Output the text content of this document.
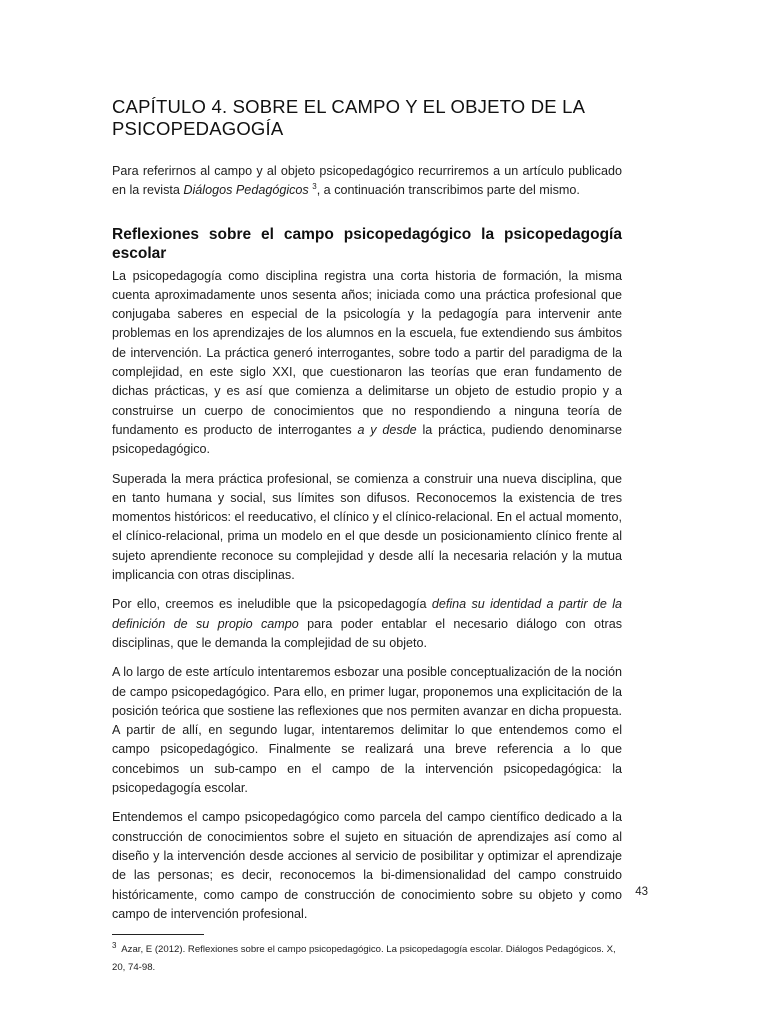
CAPÍTULO 4. SOBRE EL CAMPO Y EL OBJETO DE LA
PSICOPEDAGOGÍA

Para referirnos al campo y al objeto psicopedagógico recurriremos a un artículo publicado en la revista Diálogos Pedagógicos $^3$, a continuación transcribimos parte del mismo.

Reflexiones sobre el campo psicopedagógico la psicopedagogía escolar

La psicopedagogía como disciplina registra una corta historia de formación, la misma cuenta aproximadamente unos sesenta años; iniciada como una práctica profesional que conjugaba saberes en especial de la psicología y la pedagogía para intervenir ante problemas en los aprendizajes de los alumnos en la escuela, fue extendiendo sus ámbitos de intervención. La práctica generó interrogantes, sobre todo a partir del paradigma de la complejidad, en este siglo XXI, que cuestionaron las teorías que eran fundamento de dichas prácticas, y es así que comienza a delimitarse un objeto de estudio propio y a construirse un cuerpo de conocimientos que no respondiendo a ninguna teoría de fundamento es producto de interrogantes a y desde la práctica, pudiendo denominarse psicopedagógico.

Superada la mera práctica profesional, se comienza a construir una nueva disciplina, que en tanto humana y social, sus límites son difusos. Reconocemos la existencia de tres momentos históricos: el reeducativo, el clínico y el clínico-relacional. En el actual momento, el clínico-relacional, prima un modelo en el que desde un posicionamiento clínico frente al sujeto aprendiente reconoce su complejidad y desde allí la necesaria relación y la mutua implicancia con otras disciplinas.

Por ello, creemos es ineludible que la psicopedagogía defina su identidad a partir de la definición de su propio campo para poder entablar el necesario diálogo con otras disciplinas, que le demanda la complejidad de su objeto.

A lo largo de este artículo intentaremos esbozar una posible conceptualización de la noción de campo psicopedagógico. Para ello, en primer lugar, proponemos una explicitación de la posición teórica que sostiene las reflexiones que nos permiten avanzar en dicha propuesta. A partir de allí, en segundo lugar, intentaremos delimitar lo que entendemos como el campo psicopedagógico. Finalmente se realizará una breve referencia a lo que concebimos un sub-campo en el campo de la intervención psicopedagógica: la psicopedagogía escolar.

Entendemos el campo psicopedagógico como parcela del campo científico dedicado a la construcción de conocimientos sobre el sujeto en situación de aprendizajes así como al diseño y la intervención desde acciones al servicio de posibilitar y optimizar el aprendizaje de las personas; es decir, reconocemos la bi-dimensionalidad del campo construido históricamente, como campo de construcción de conocimiento sobre su objeto y como campo de intervención profesional.

$^3$ Azar, E (2012). Reflexiones sobre el campo psicopedagógico. La psicopedagogía escolar. Diálogos Pedagógicos. X, 20, 74-98.

43
